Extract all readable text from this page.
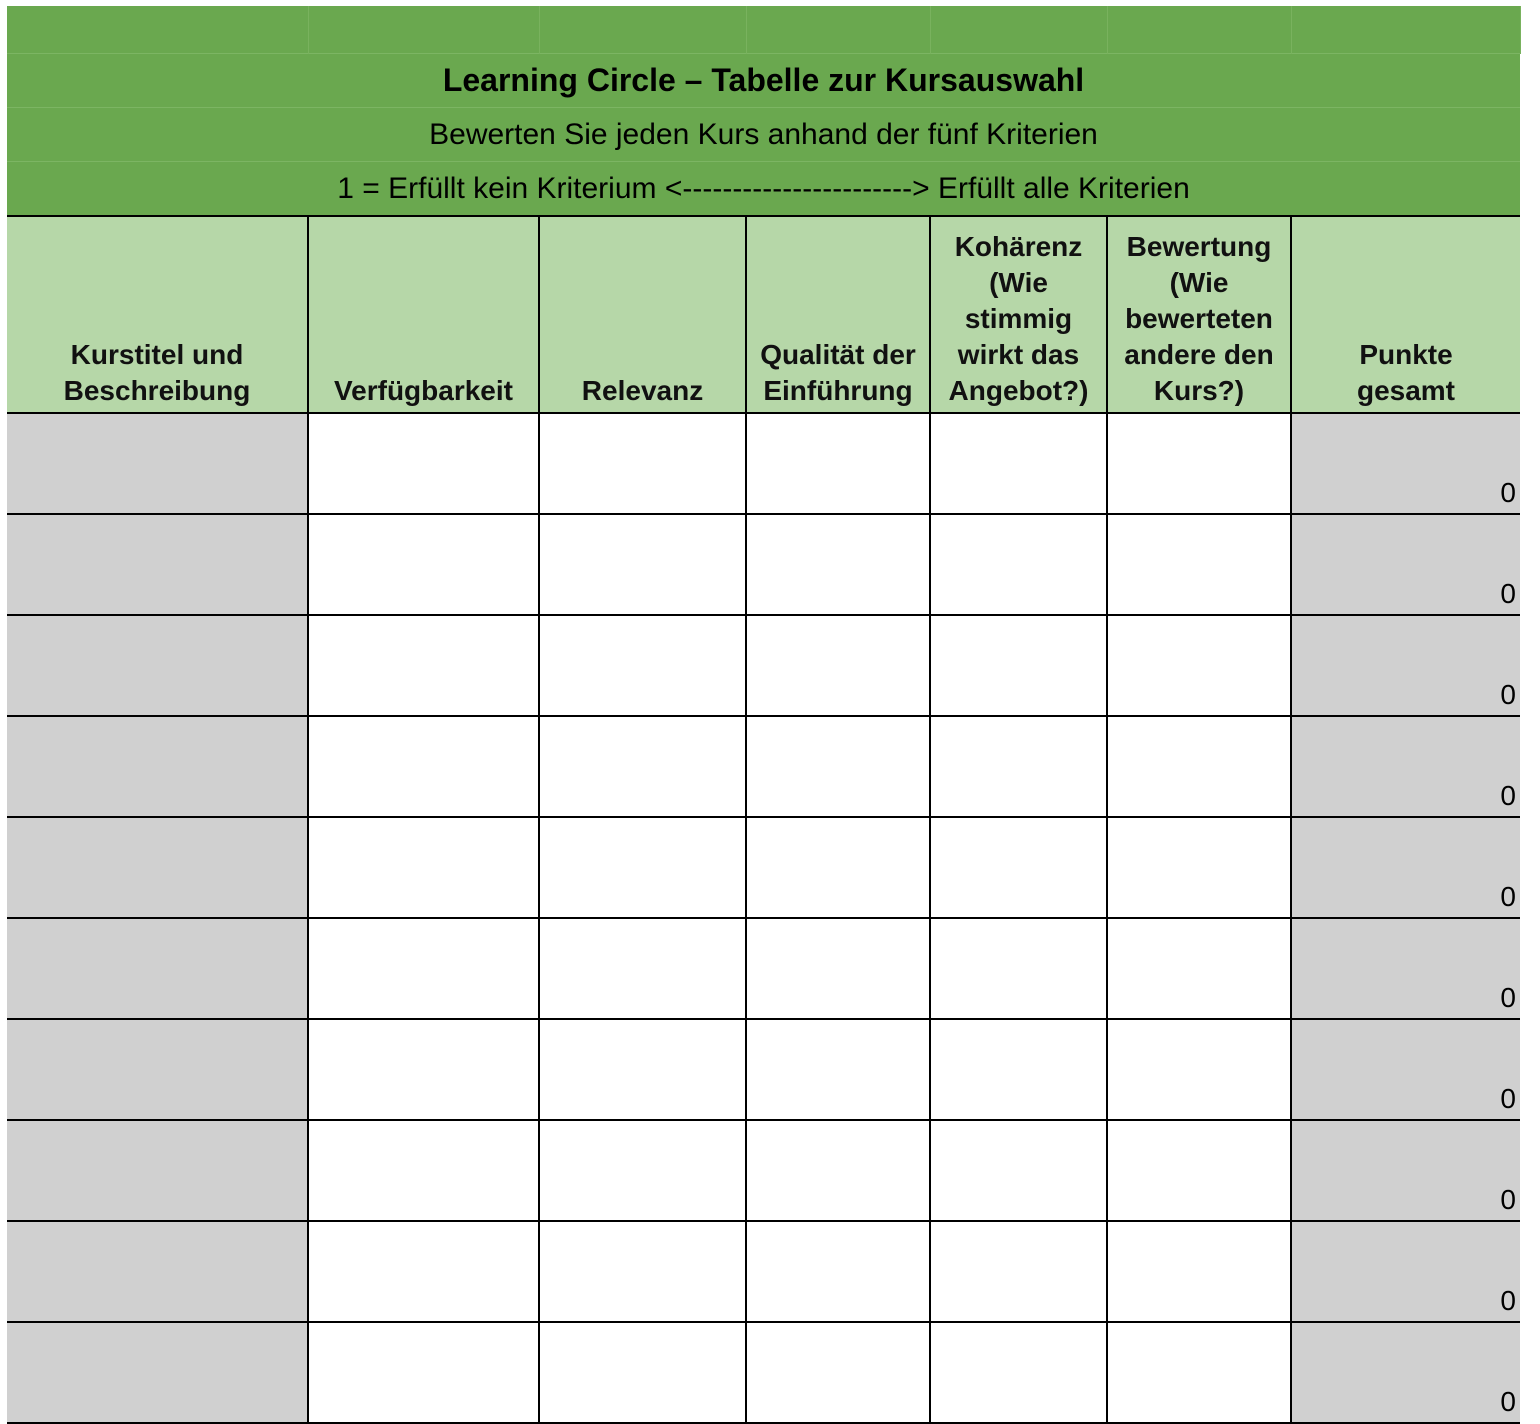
Learning Circle – Tabelle zur Kursauswahl						
Bewerten Sie jeden Kurs anhand der fünf Kriterien						
1 = Erfüllt kein Kriterium <-----------------------> Erfüllt alle Kriterien						
Kurstitel und Beschreibung	Verfügbarkeit	Relevanz	Qualität der Einführung	Kohärenz (Wie stimmig wirkt das Angebot?)	Bewertung (Wie bewerteten andere den Kurs?)	Punkte gesamt
						0
						0
						0
						0
						0
						0
						0
						0
						0
						0
